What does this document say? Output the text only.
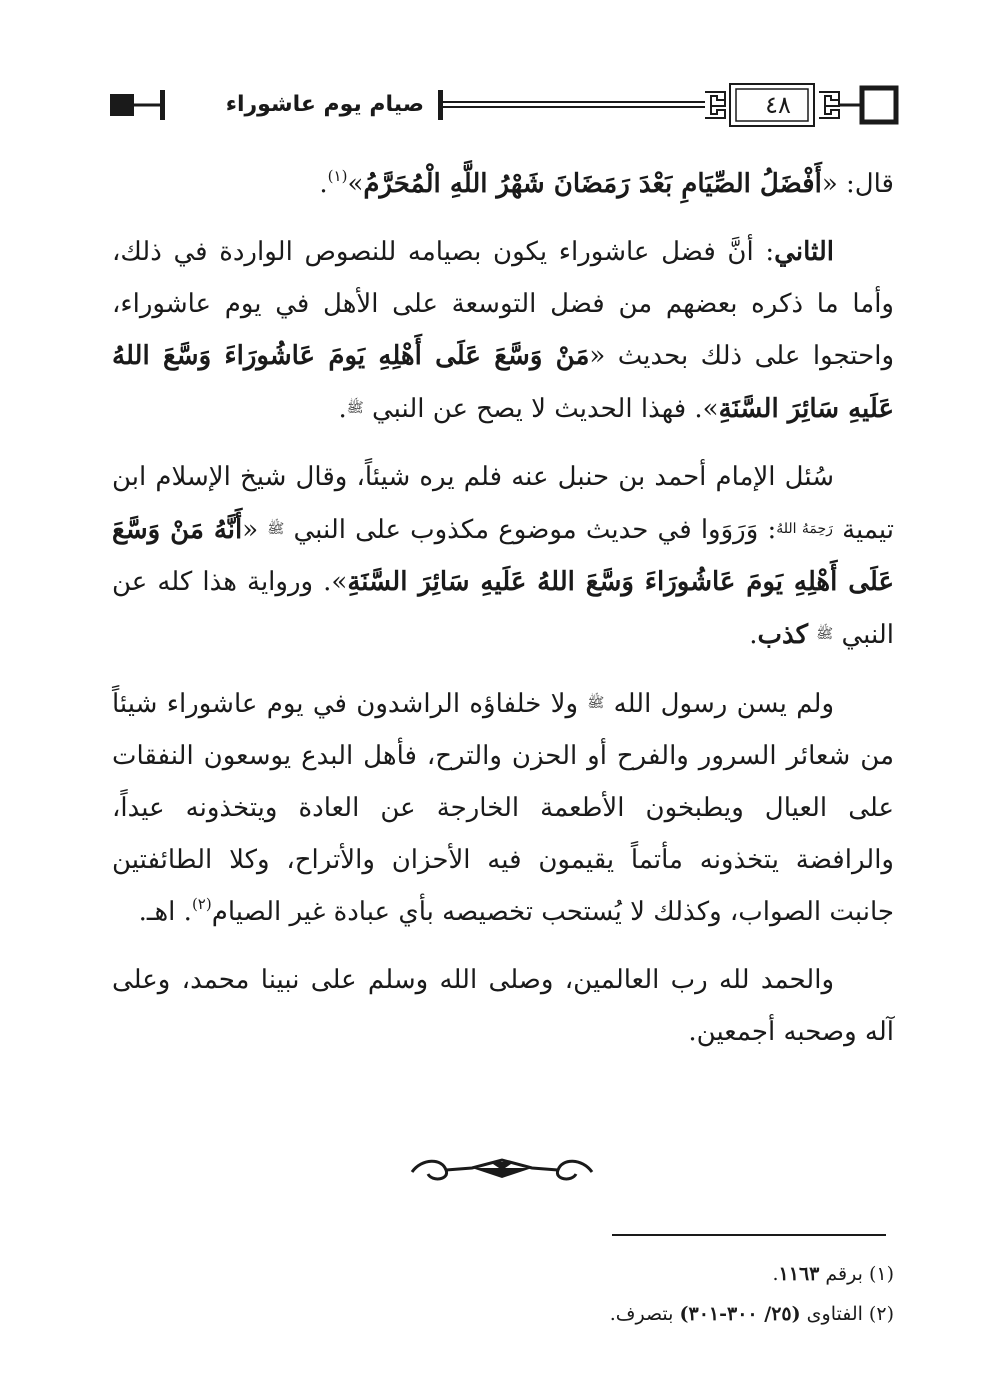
صيام يوم عاشوراء	٤٨

قال: «أَفْضَلُ الصِّيَامِ بَعْدَ رَمَضَانَ شَهْرُ اللَّهِ الْمُحَرَّمُ»$^{(١)}$.

الثاني: أنَّ فضل عاشوراء يكون بصيامه للنصوص الواردة في ذلك، وأما ما ذكره بعضهم من فضل التوسعة على الأهل في يوم عاشوراء، واحتجوا على ذلك بحديث «مَنْ وَسَّعَ عَلَى أَهْلِهِ يَومَ عَاشُورَاءَ وَسَّعَ اللهُ عَلَيهِ سَائِرَ السَّنَةِ». فهذا الحديث لا يصح عن النبي ﷺ.

سُئل الإمام أحمد بن حنبل عنه فلم يره شيئاً، وقال شيخ الإسلام ابن تيمية رَحِمَهُ اللهُ: وَرَوَوا في حديث موضوع مكذوب على النبي ﷺ «أَنَّهُ مَنْ وَسَّعَ عَلَى أَهْلِهِ يَومَ عَاشُورَاءَ وَسَّعَ اللهُ عَلَيهِ سَائِرَ السَّنَةِ». ورواية هذا كله عن النبي ﷺ كذب.

ولم يسن رسول الله ﷺ ولا خلفاؤه الراشدون في يوم عاشوراء شيئاً من شعائر السرور والفرح أو الحزن والترح، فأهل البدع يوسعون النفقات على العيال ويطبخون الأطعمة الخارجة عن العادة ويتخذونه عيداً، والرافضة يتخذونه مأتماً يقيمون فيه الأحزان والأتراح، وكلا الطائفتين جانبت الصواب، وكذلك لا يُستحب تخصيصه بأي عبادة غير الصيام$^{(٢)}$. اهـ.

والحمد لله رب العالمين، وصلى الله وسلم على نبينا محمد، وعلى آله وصحبه أجمعين.

(١) برقم ١١٦٣.

(٢) الفتاوى (٢٥/ ٣٠٠-٣٠١) بتصرف.
